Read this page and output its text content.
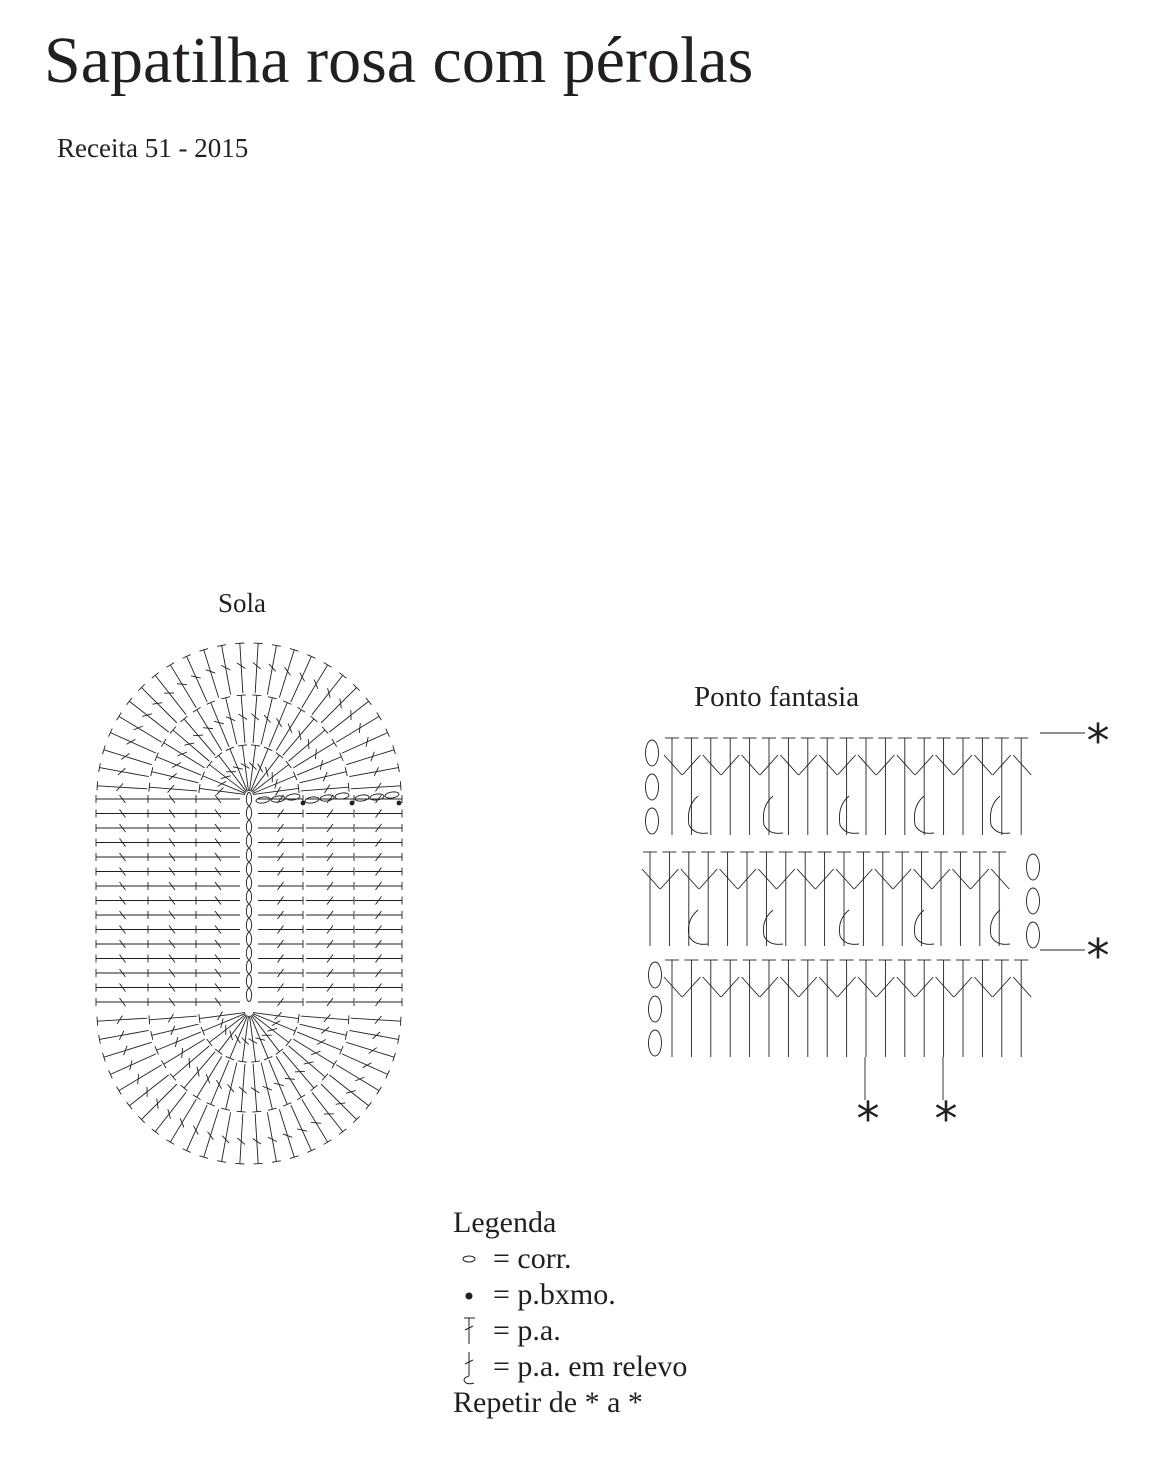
Sapatilha rosa com pérolas
Receita 51 - 2015
Sola
Ponto fantasia
*
*
* *
Legenda
= corr.
= p.bxmo.
= p.a.
= p.a. em relevo
Repetir de * a *
